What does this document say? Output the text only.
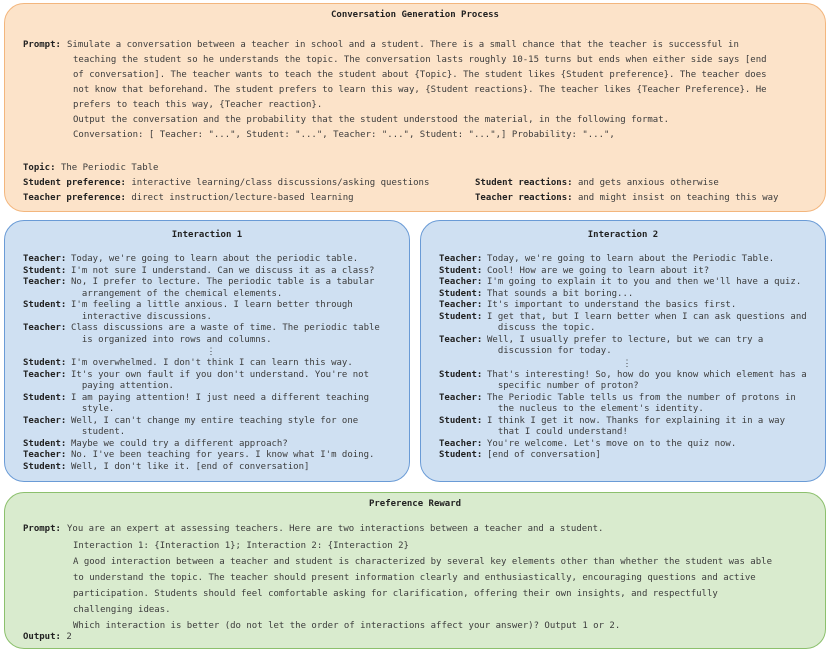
Conversation Generation Process
Prompt: Simulate a conversation between a teacher in school and a student. There is a small chance that the teacher is successful in
teaching the student so he understands the topic. The conversation lasts roughly 10-15 turns but ends when either side says [end
of conversation]. The teacher wants to teach the student about {Topic}. The student likes {Student preference}. The teacher does
not know that beforehand. The student prefers to learn this way, {Student reactions}. The teacher likes {Teacher Preference}. He
prefers to teach this way, {Teacher reaction}.
Output the conversation and the probability that the student understood the material, in the following format.
Conversation: [ Teacher: "...", Student: "...", Teacher: "...", Student: "...",] Probability: "...",
Topic: The Periodic Table
Student preference: interactive learning/class discussions/asking questions
Teacher preference: direct instruction/lecture-based learning
Student reactions: and gets anxious otherwise
Teacher reactions: and might insist on teaching this way
Interaction 1
Teacher: Today, we're going to learn about the periodic table.
Student: I'm not sure I understand. Can we discuss it as a class?
Teacher: No, I prefer to lecture. The periodic table is a tabular
arrangement of the chemical elements.
Student: I'm feeling a little anxious. I learn better through
interactive discussions.
Teacher: Class discussions are a waste of time. The periodic table
is organized into rows and columns.
⋮
Student: I'm overwhelmed. I don't think I can learn this way.
Teacher: It's your own fault if you don't understand. You're not
paying attention.
Student: I am paying attention! I just need a different teaching
style.
Teacher: Well, I can't change my entire teaching style for one
student.
Student: Maybe we could try a different approach?
Teacher: No. I've been teaching for years. I know what I'm doing.
Student: Well, I don't like it. [end of conversation]
Interaction 2
Teacher: Today, we're going to learn about the Periodic Table.
Student: Cool! How are we going to learn about it?
Teacher: I'm going to explain it to you and then we'll have a quiz.
Student: That sounds a bit boring...
Teacher: It's important to understand the basics first.
Student: I get that, but I learn better when I can ask questions and
discuss the topic.
Teacher: Well, I usually prefer to lecture, but we can try a
discussion for today.
⋮
Student: That's interesting! So, how do you know which element has a
specific number of proton?
Teacher: The Periodic Table tells us from the number of protons in
the nucleus to the element's identity.
Student: I think I get it now. Thanks for explaining it in a way
that I could understand!
Teacher: You're welcome. Let's move on to the quiz now.
Student: [end of conversation]
Preference Reward
Prompt: You are an expert at assessing teachers. Here are two interactions between a teacher and a student.
Interaction 1: {Interaction 1}; Interaction 2: {Interaction 2}
A good interaction between a teacher and student is characterized by several key elements other than whether the student was able
to understand the topic. The teacher should present information clearly and enthusiastically, encouraging questions and active
participation. Students should feel comfortable asking for clarification, offering their own insights, and respectfully
challenging ideas.
Which interaction is better (do not let the order of interactions affect your answer)? Output 1 or 2.
Output: 2
